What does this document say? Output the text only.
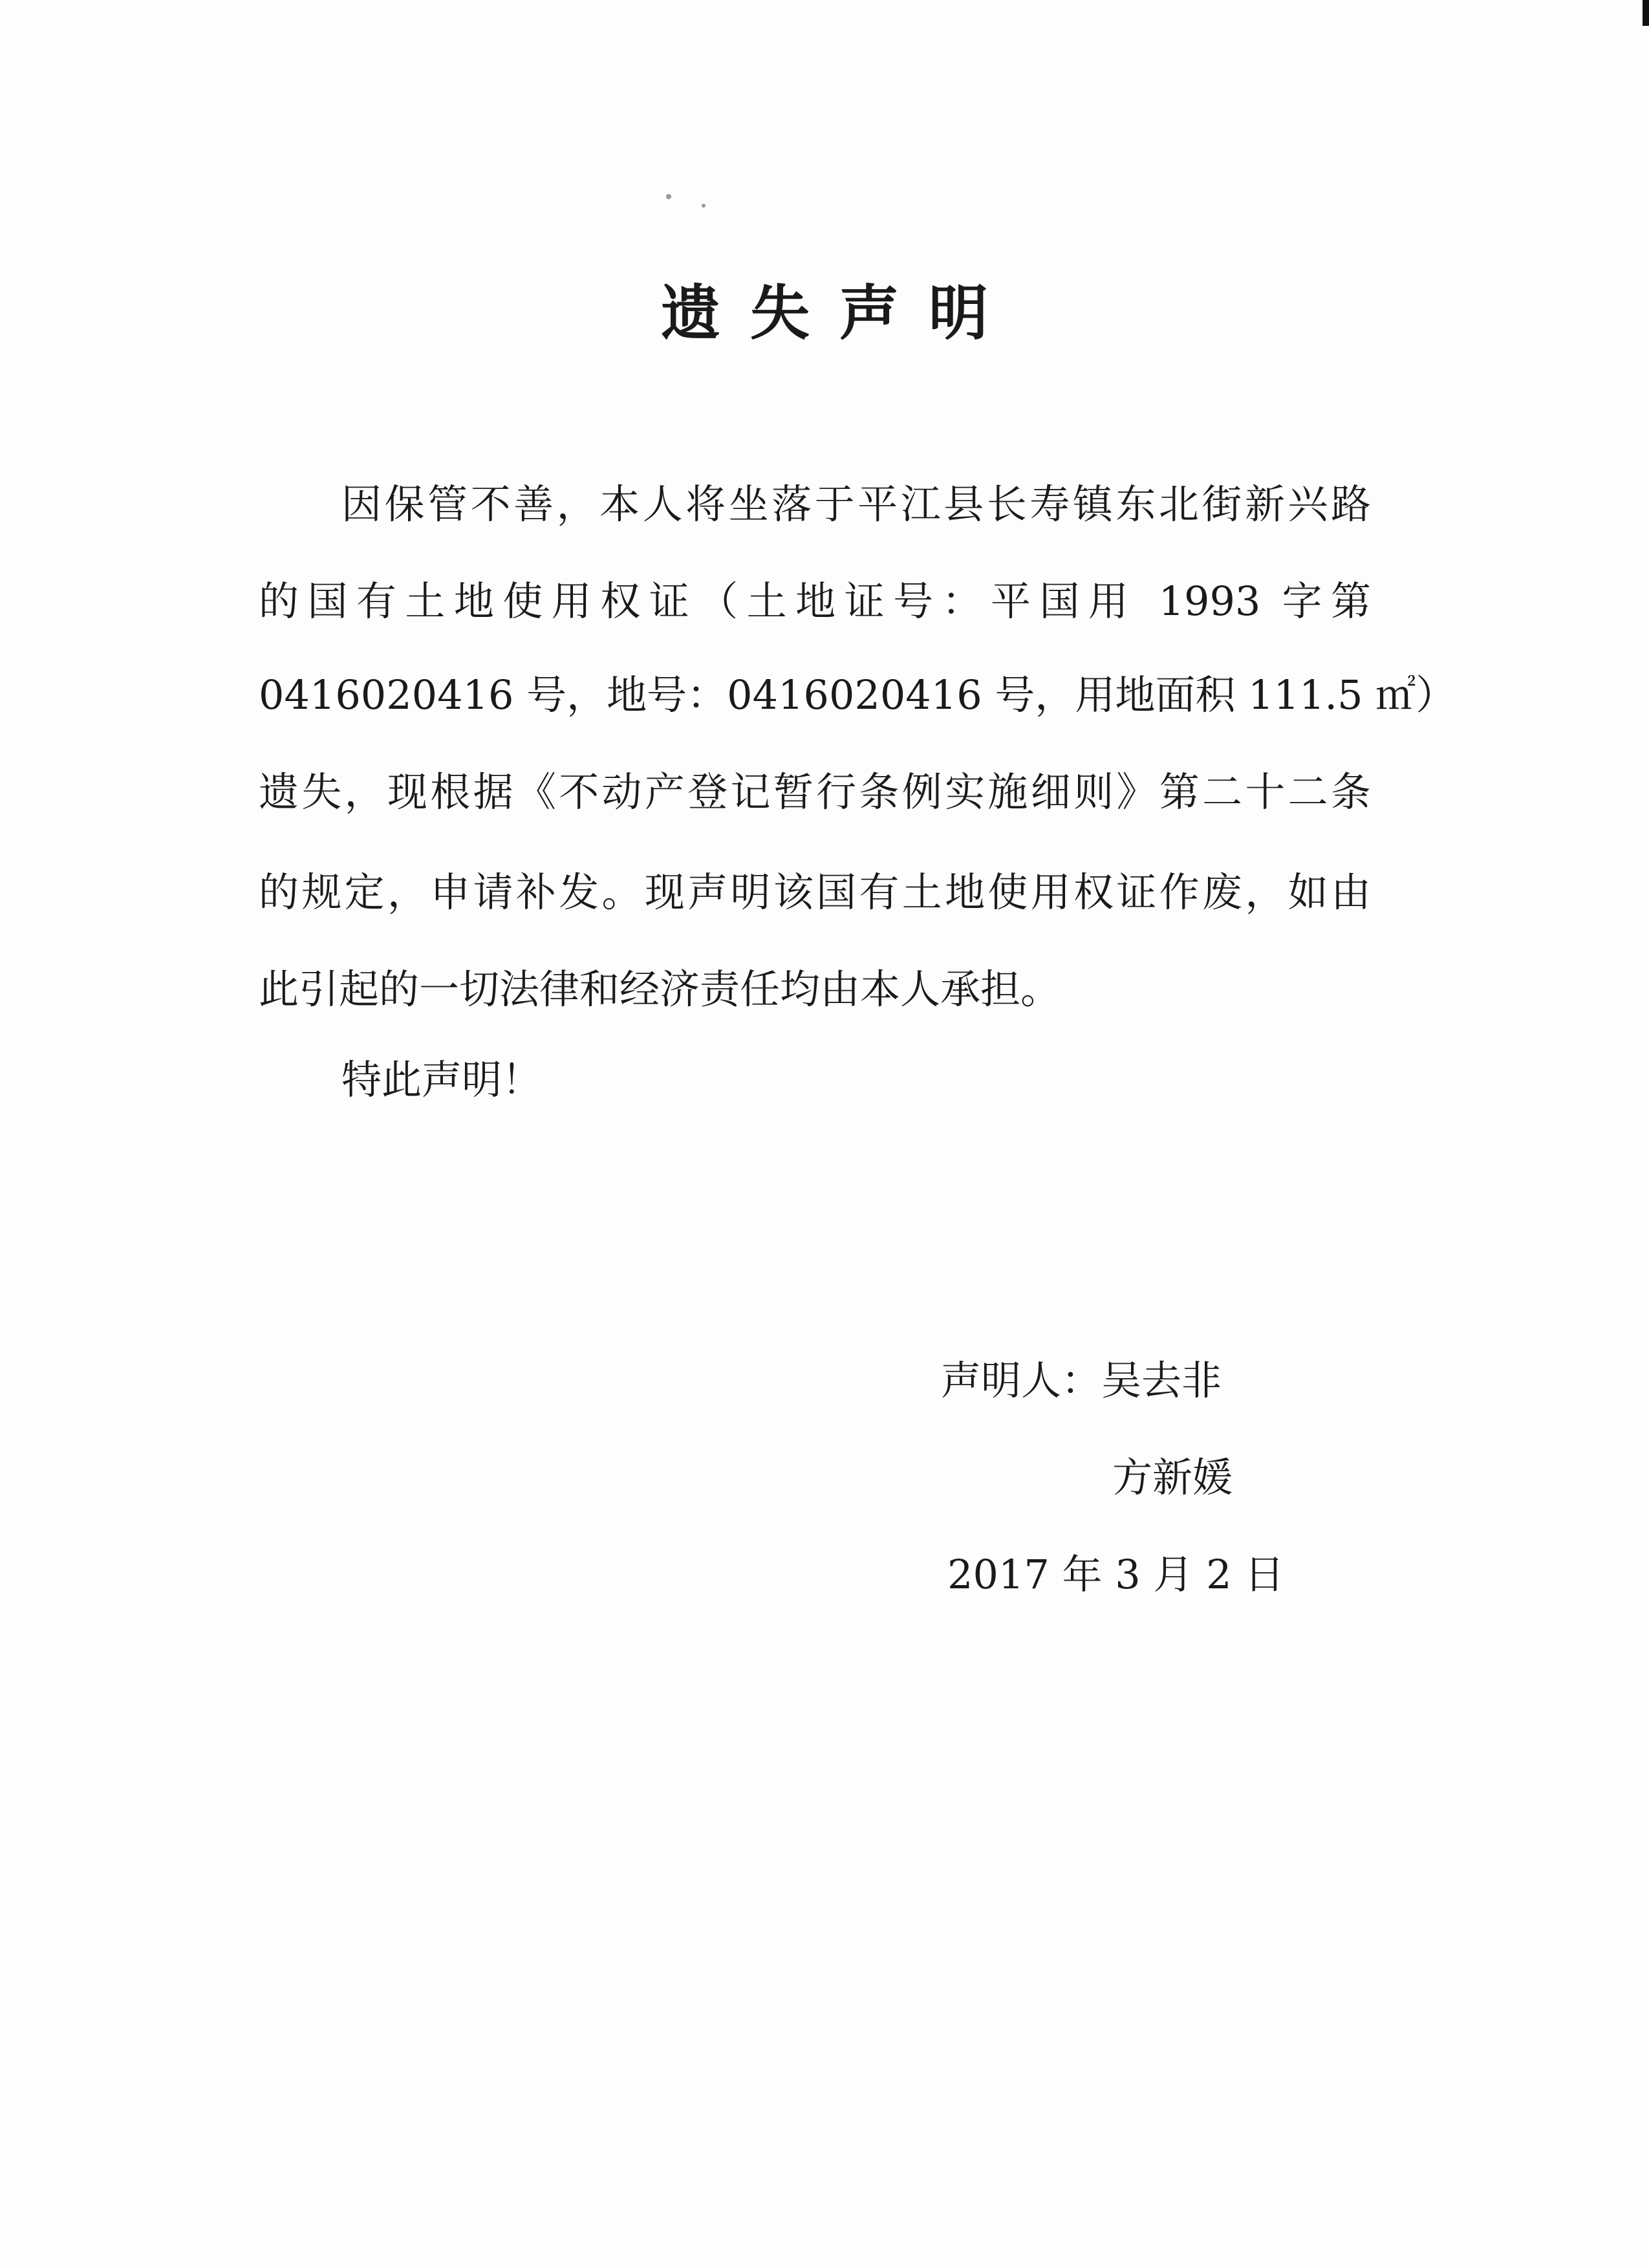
遗失声明
因保管不善，本人将坐落于平江县长寿镇东北街新兴路
的国有土地使用权证（土地证号：平国用 1993 字第
0416020416 号，地号：0416020416 号，用地面积 111.5 ㎡）
遗失，现根据《不动产登记暂行条例实施细则》第二十二条
的规定，申请补发。现声明该国有土地使用权证作废，如由
此引起的一切法律和经济责任均由本人承担。
特此声明！
声明人：吴去非
方新媛
2017 年 3 月 2 日
